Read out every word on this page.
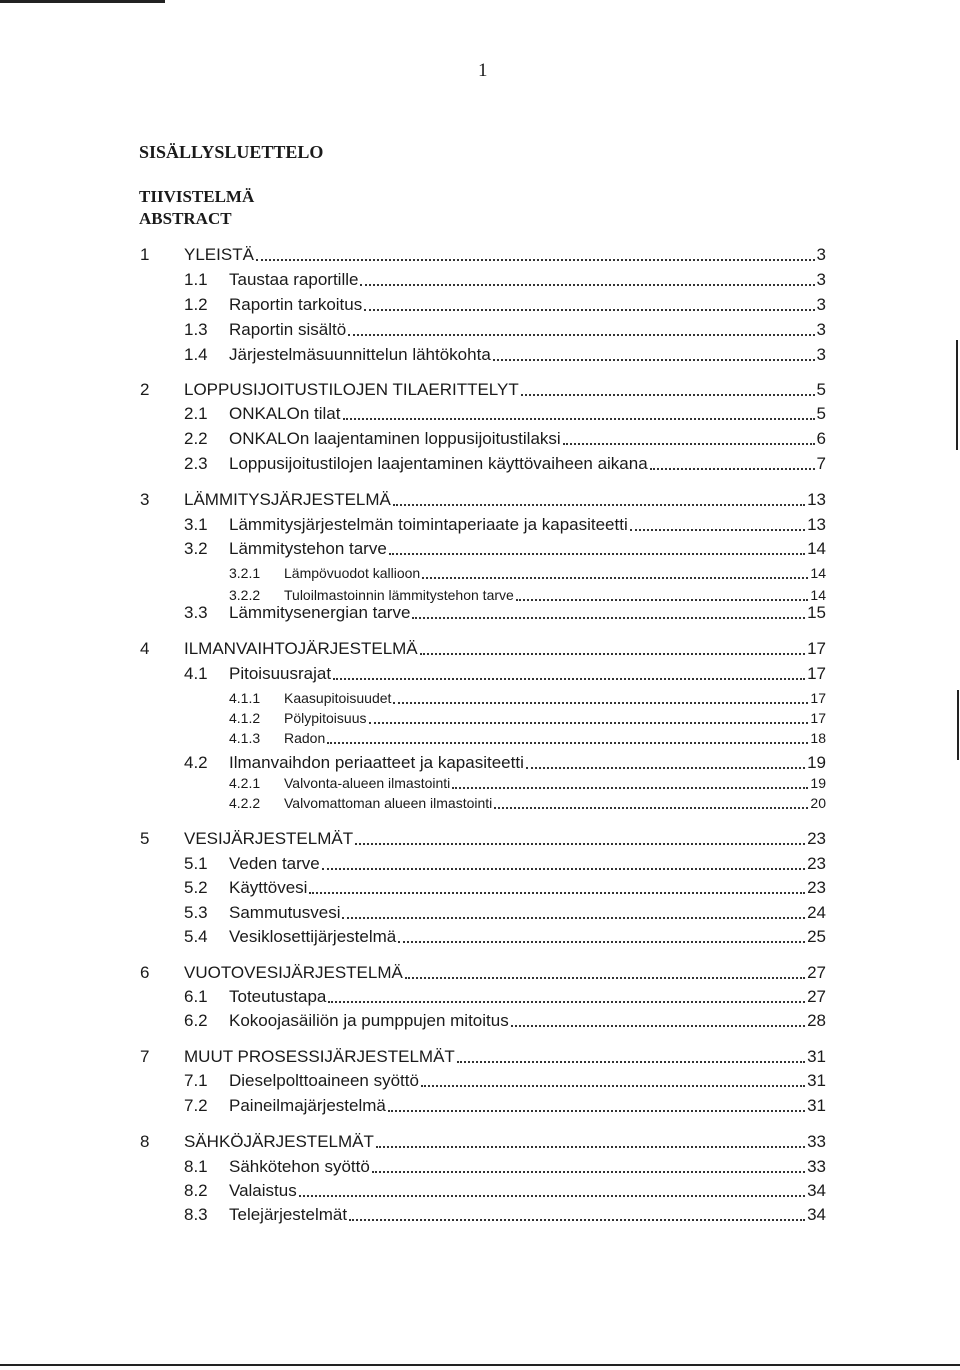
1
SISÄLLYSLUETTELO
TIIVISTELMÄ
ABSTRACT
1 YLEISTÄ	3
1.1 Taustaa raportille	3
1.2 Raportin tarkoitus	3
1.3 Raportin sisältö	3
1.4 Järjestelmäsuunnittelun lähtökohta	3
2 LOPPUSIJOITUSTILOJEN TILAERITTELYT	5
2.1 ONKALOn tilat	5
2.2 ONKALOn laajentaminen loppusijoitustilaksi	6
2.3 Loppusijoitustilojen laajentaminen käyttövaiheen aikana	7
3 LÄMMITYSJÄRJESTELMÄ	13
3.1 Lämmitysjärjestelmän toimintaperiaate ja kapasiteetti	13
3.2 Lämmitystehon tarve	14
3.2.1 Lämpövuodot kallioon	14
3.2.2 Tuloilmastoinnin lämmitystehon tarve	14
3.3 Lämmitysenergian tarve	15
4 ILMANVAIHTOJÄRJESTELMÄ	17
4.1 Pitoisuusrajat	17
4.1.1 Kaasupitoisuudet	17
4.1.2 Pölypitoisuus	17
4.1.3 Radon	18
4.2 Ilmanvaihdon periaatteet ja kapasiteetti	19
4.2.1 Valvonta-alueen ilmastointi	19
4.2.2 Valvomattoman alueen ilmastointi	20
5 VESIJÄRJESTELMÄT	23
5.1 Veden tarve	23
5.2 Käyttövesi	23
5.3 Sammutusvesi	24
5.4 Vesiklosettijärjestelmä	25
6 VUOTOVESIJÄRJESTELMÄ	27
6.1 Toteutustapa	27
6.2 Kokoojasäiliön ja pumppujen mitoitus	28
7 MUUT PROSESSIJÄRJESTELMÄT	31
7.1 Dieselpolttoaineen syöttö	31
7.2 Paineilmajärjestelmä	31
8 SÄHKÖJÄRJESTELMÄT	33
8.1 Sähkötehon syöttö	33
8.2 Valaistus	34
8.3 Telejärjestelmät	34
